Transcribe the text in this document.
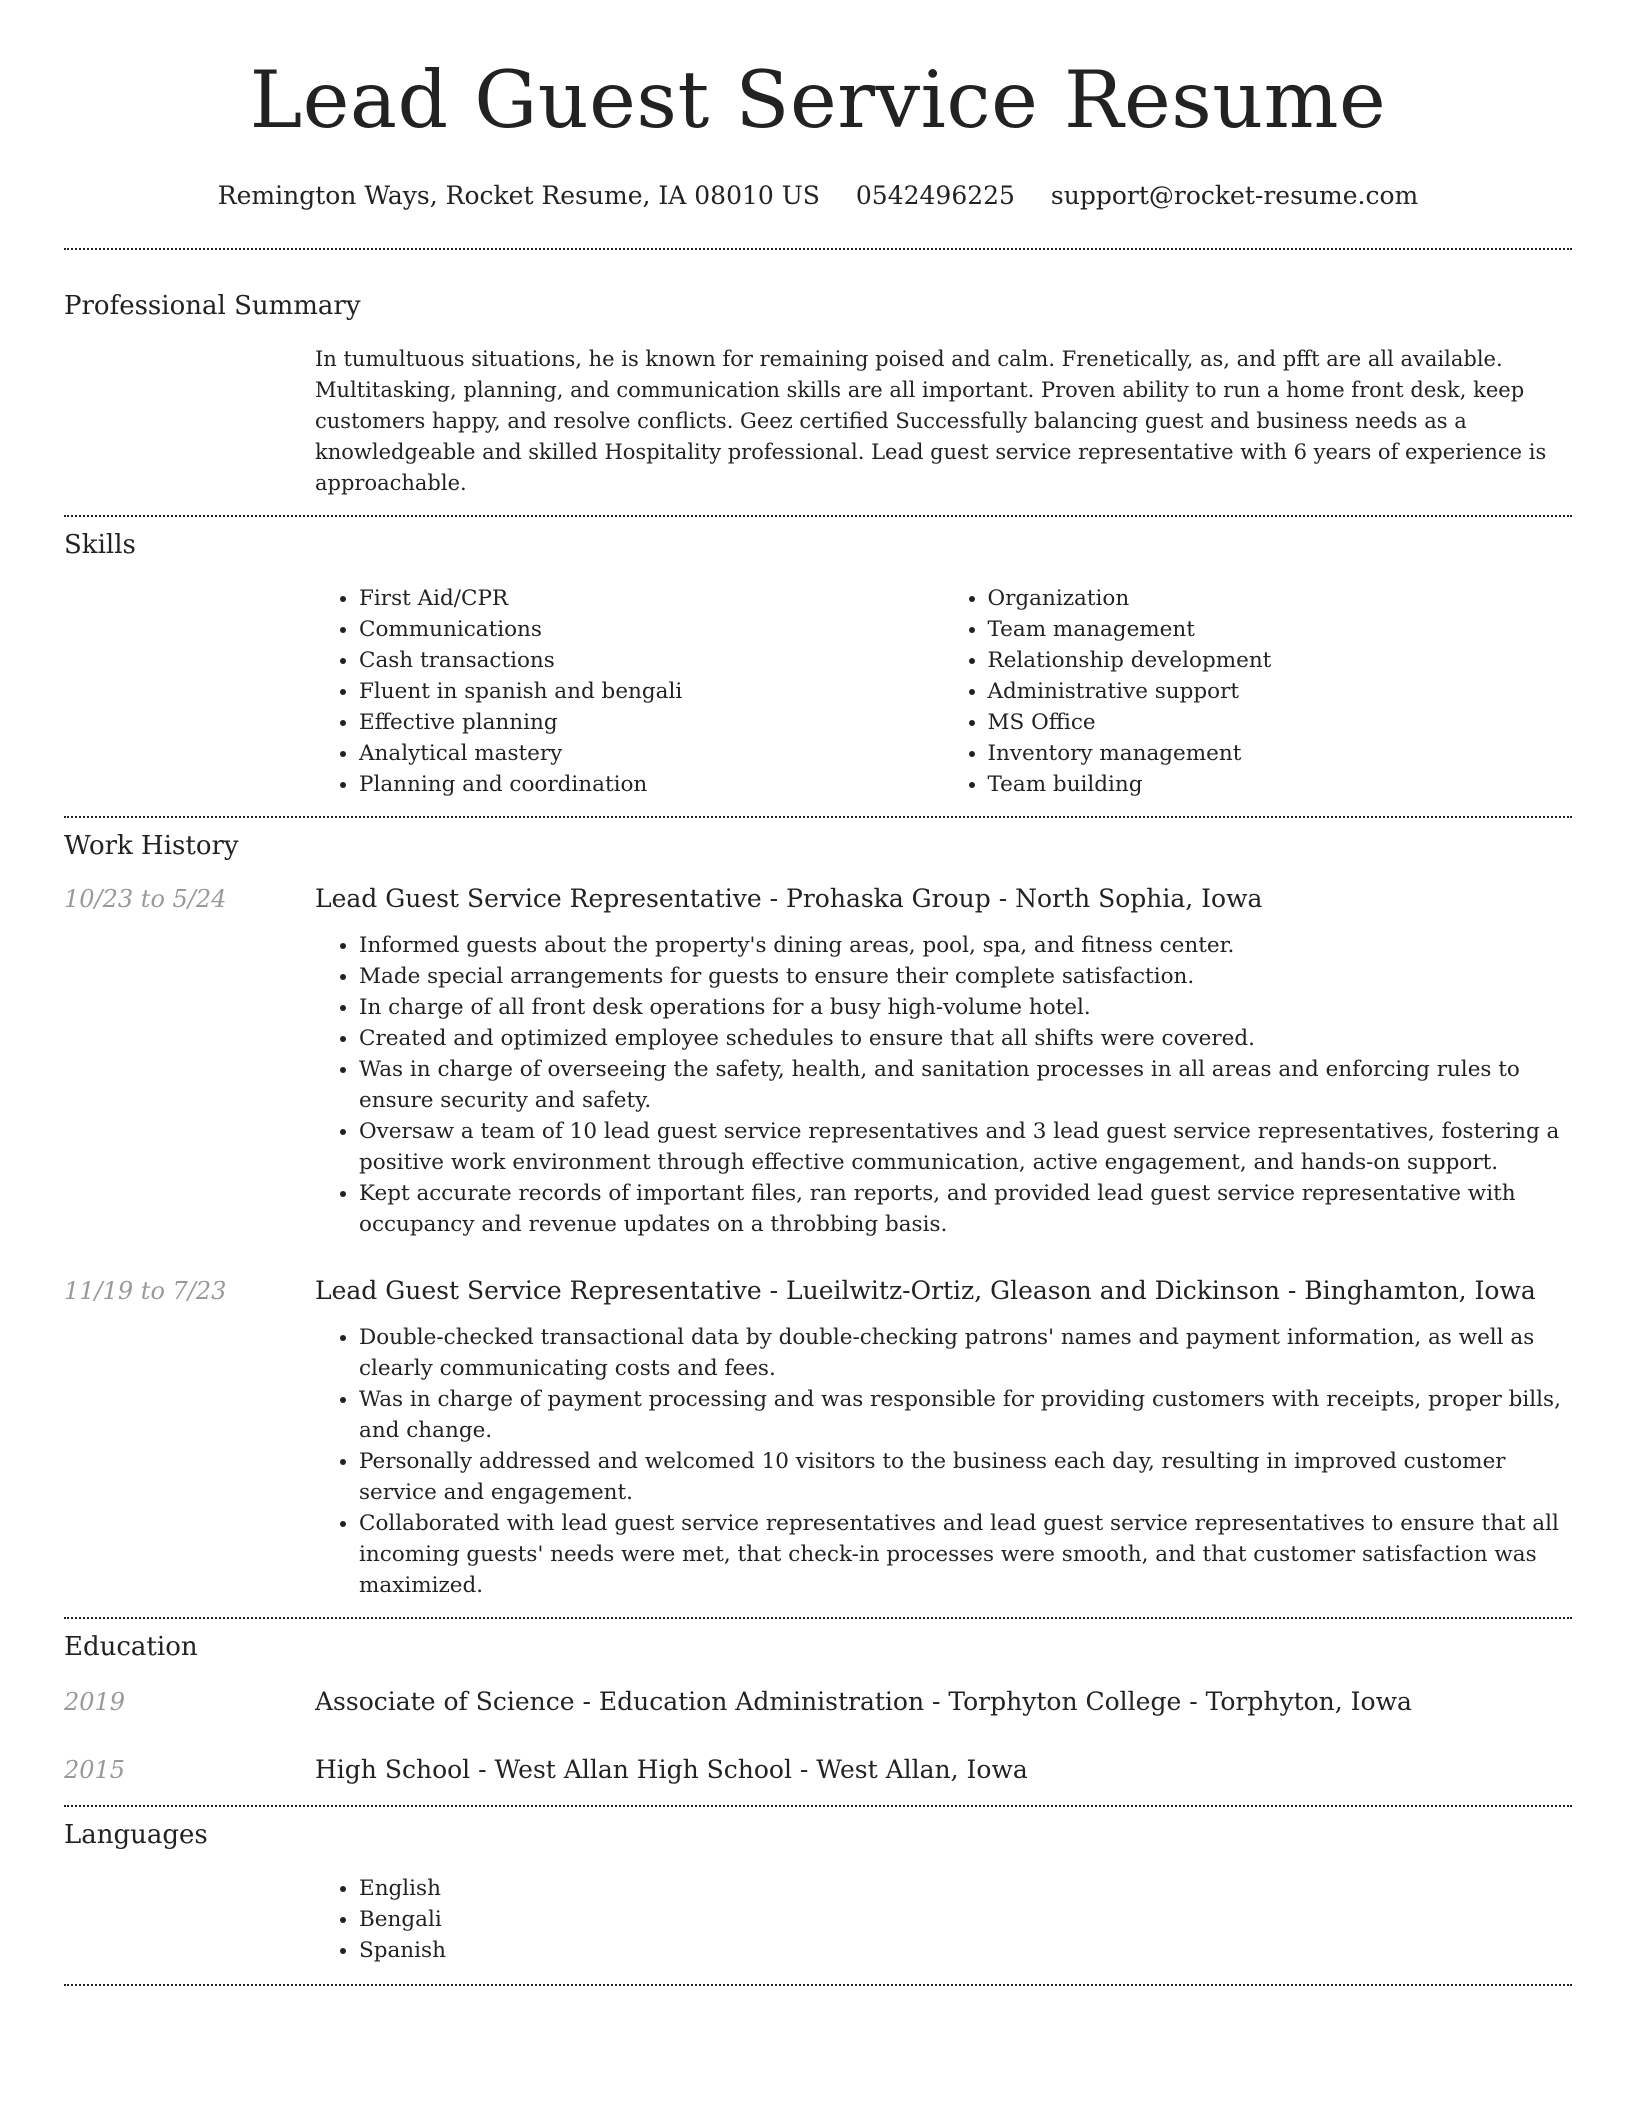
Lead Guest Service Resume
Remington Ways, Rocket Resume, IA 08010 US 0542496225 support@rocket-resume.com
Professional Summary
In tumultuous situations, he is known for remaining poised and calm. Frenetically, as, and pfft are all available. Multitasking, planning, and communication skills are all important. Proven ability to run a home front desk, keep customers happy, and resolve conflicts. Geez certified Successfully balancing guest and business needs as a knowledgeable and skilled Hospitality professional. Lead guest service representative with 6 years of experience is approachable.
Skills
• First Aid/CPR
• Communications
• Cash transactions
• Fluent in spanish and bengali
• Effective planning
• Analytical mastery
• Planning and coordination
• Organization
• Team management
• Relationship development
• Administrative support
• MS Office
• Inventory management
• Team building
Work History
10/23 to 5/24	Lead Guest Service Representative - Prohaska Group - North Sophia, Iowa
• Informed guests about the property's dining areas, pool, spa, and fitness center.
• Made special arrangements for guests to ensure their complete satisfaction.
• In charge of all front desk operations for a busy high-volume hotel.
• Created and optimized employee schedules to ensure that all shifts were covered.
• Was in charge of overseeing the safety, health, and sanitation processes in all areas and enforcing rules to ensure security and safety.
• Oversaw a team of 10 lead guest service representatives and 3 lead guest service representatives, fostering a positive work environment through effective communication, active engagement, and hands-on support.
• Kept accurate records of important files, ran reports, and provided lead guest service representative with occupancy and revenue updates on a throbbing basis.
11/19 to 7/23	Lead Guest Service Representative - Lueilwitz-Ortiz, Gleason and Dickinson - Binghamton, Iowa
• Double-checked transactional data by double-checking patrons' names and payment information, as well as clearly communicating costs and fees.
• Was in charge of payment processing and was responsible for providing customers with receipts, proper bills, and change.
• Personally addressed and welcomed 10 visitors to the business each day, resulting in improved customer service and engagement.
• Collaborated with lead guest service representatives and lead guest service representatives to ensure that all incoming guests' needs were met, that check-in processes were smooth, and that customer satisfaction was maximized.
Education
2019	Associate of Science - Education Administration - Torphyton College - Torphyton, Iowa
2015	High School - West Allan High School - West Allan, Iowa
Languages
• English
• Bengali
• Spanish
